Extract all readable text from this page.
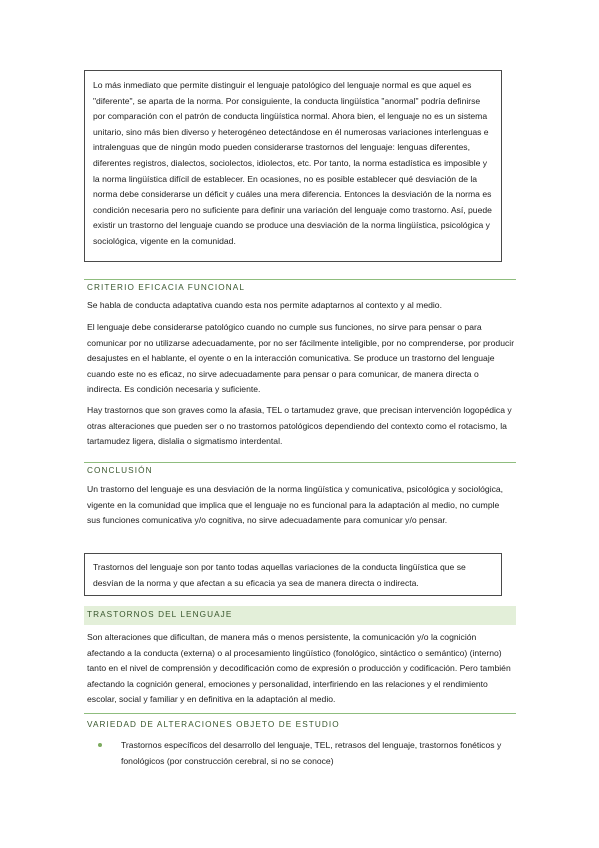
Lo más inmediato que permite distinguir el lenguaje patológico del lenguaje normal es que aquel es "diferente", se aparta de la norma. Por consiguiente, la conducta lingüística "anormal" podría definirse por comparación con el patrón de conducta lingüística normal. Ahora bien, el lenguaje no es un sistema unitario, sino más bien diverso y heterogéneo detectándose en él numerosas variaciones interlenguas e intralenguas que de ningún modo pueden considerarse trastornos del lenguaje: lenguas diferentes, diferentes registros, dialectos, sociolectos, idiolectos, etc. Por tanto, la norma estadística es imposible y la norma lingüística difícil de establecer. En ocasiones, no es posible establecer qué desviación de la norma debe considerarse un déficit y cuáles una mera diferencia. Entonces la desviación de la norma es condición necesaria pero no suficiente para definir una variación del lenguaje como trastorno. Así, puede existir un trastorno del lenguaje cuando se produce una desviación de la norma lingüística, psicológica y sociológica, vigente en la comunidad.
CRITERIO EFICACIA FUNCIONAL
Se habla de conducta adaptativa cuando esta nos permite adaptarnos al contexto y al medio.
El lenguaje debe considerarse patológico cuando no cumple sus funciones, no sirve para pensar o para comunicar por no utilizarse adecuadamente, por no ser fácilmente inteligible, por no comprenderse, por producir desajustes en el hablante, el oyente o en la interacción comunicativa. Se produce un trastorno del lenguaje cuando este no es eficaz, no sirve adecuadamente para pensar o para comunicar, de manera directa o indirecta. Es condición necesaria y suficiente.
Hay trastornos que son graves como la afasia, TEL o tartamudez grave, que precisan intervención logopédica y otras alteraciones que pueden ser o no trastornos patológicos dependiendo del contexto como el rotacismo, la tartamudez ligera, dislalia o sigmatismo interdental.
CONCLUSIÓN
Un trastorno del lenguaje es una desviación de la norma lingüística y comunicativa, psicológica y sociológica, vigente en la comunidad que implica que el lenguaje no es funcional para la adaptación al medio, no cumple sus funciones comunicativa y/o cognitiva, no sirve adecuadamente para comunicar y/o pensar.
Trastornos del lenguaje son por tanto todas aquellas variaciones de la conducta lingüística que se desvían de la norma y que afectan a su eficacia ya sea de manera directa o indirecta.
TRASTORNOS DEL LENGUAJE
Son alteraciones que dificultan, de manera más o menos persistente, la comunicación y/o la cognición afectando a la conducta (externa) o al procesamiento lingüístico (fonológico, sintáctico o semántico) (interno) tanto en el nivel de comprensión y decodificación como de expresión o producción y codificación. Pero también afectando la cognición general, emociones y personalidad, interfiriendo en las relaciones y el rendimiento escolar, social y familiar y en definitiva en la adaptación al medio.
VARIEDAD DE ALTERACIONES OBJETO DE ESTUDIO
Trastornos específicos del desarrollo del lenguaje, TEL, retrasos del lenguaje, trastornos fonéticos y fonológicos (por construcción cerebral, si no se conoce)
